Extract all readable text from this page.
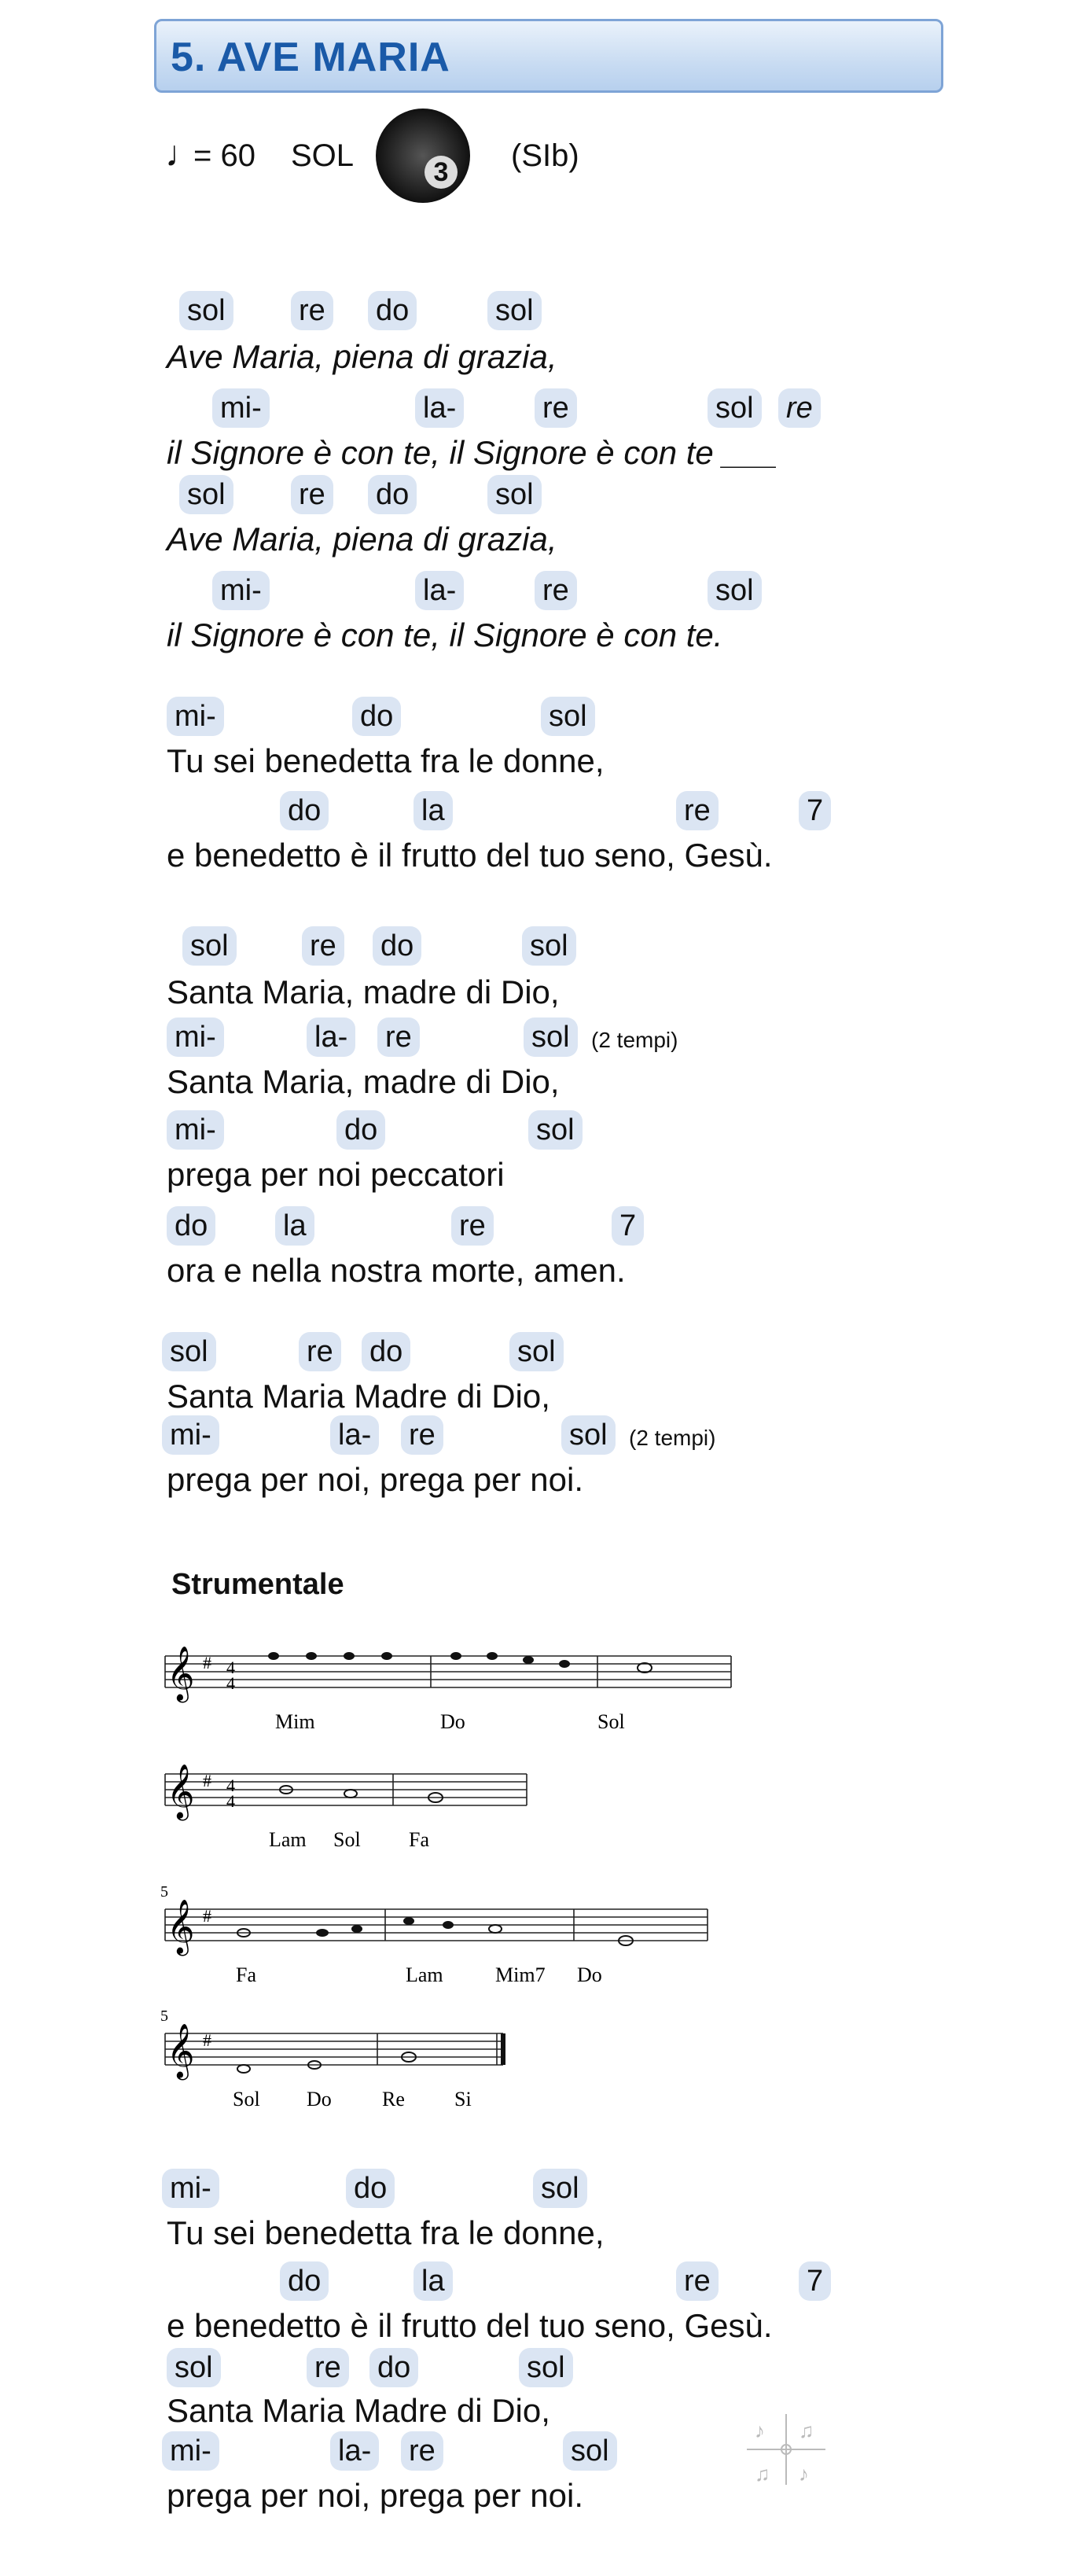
5. AVE MARIA
♩
= 60 SOL	(SIb)
3
sol re do	sol
Ave Maria, piena di grazia,
mi-	la-	re	sol re
il Signore è con te, il Signore è con te ___
sol re do	sol
Ave Maria, piena di grazia,
mi-	la-	re	sol
il Signore è con te, il Signore è con te.
mi-	do	sol
Tu sei benedetta fra le donne,
do	la	re	7
e benedetto è il frutto del tuo seno, Gesù.
sol	re do	sol
Santa Maria, madre di Dio,
mi-	la- re	sol (2 tempi)
Santa Maria, madre di Dio,
mi-	do	sol
prega per noi peccatori
do	la	re	7
ora e nella nostra morte, amen.
sol	re do	sol
Santa Maria Madre di Dio,
mi-	la- re	sol (2 tempi)
prega per noi, prega per noi.
Strumentale
𝄞 # 4
4
Mim	Do	Sol
𝄞 # 4
4
Lam Sol Fa
5
𝄞 #
Fa	Lam	Mim7 Do
5
𝄞 #
Sol Do Re Si
mi-	do	sol
Tu sei benedetta fra le donne,
do	la	re	7
e benedetto è il frutto del tuo seno, Gesù.
sol	re do	sol
Santa Maria Madre di Dio,
mi-	la- re	sol
prega per noi, prega per noi.
♪ ♫
♫ ♪
